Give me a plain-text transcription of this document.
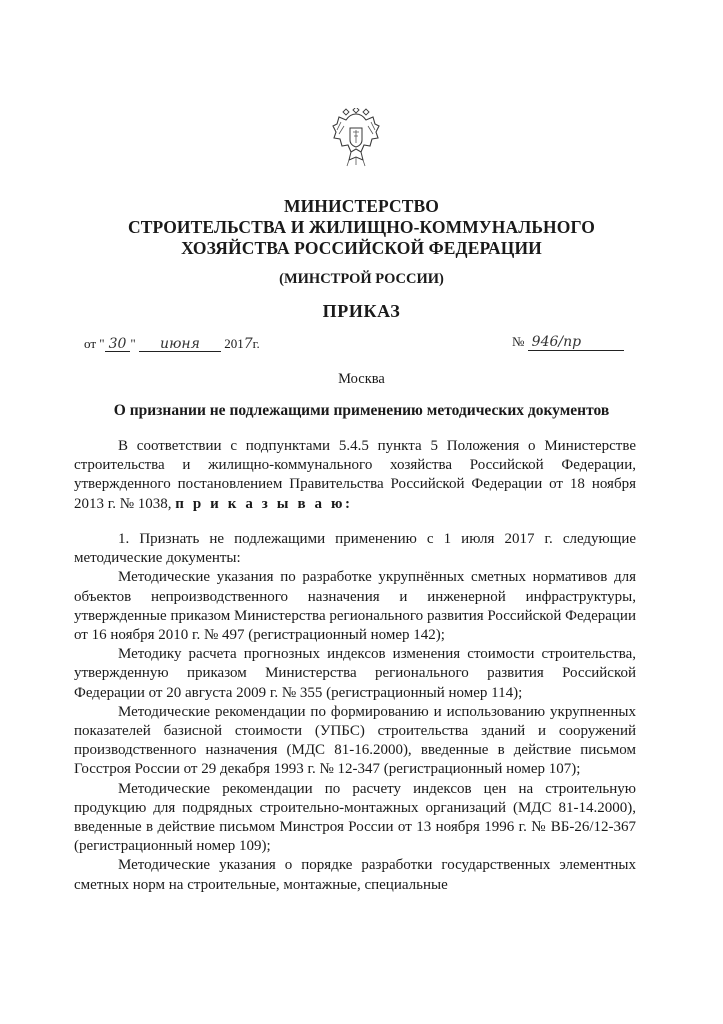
МИНИСТЕРСТВО
СТРОИТЕЛЬСТВА И ЖИЛИЩНО-КОММУНАЛЬНОГО
ХОЗЯЙСТВА РОССИЙСКОЙ ФЕДЕРАЦИИ
(МИНСТРОЙ РОССИИ)
ПРИКАЗ
от " 30 " июня 2017г.	№ 946/пр
Москва
О признании не подлежащими применению методических документов

В соответствии с подпунктами 5.4.5 пункта 5 Положения о Министерстве строительства и жилищно-коммунального хозяйства Российской Федерации, утвержденного постановлением Правительства Российской Федерации от 18 ноября 2013 г. № 1038, п р и к а з ы в а ю:

1. Признать не подлежащими применению с 1 июля 2017 г. следующие методические документы:

Методические указания по разработке укрупнённых сметных нормативов для объектов непроизводственного назначения и инженерной инфраструктуры, утвержденные приказом Министерства регионального развития Российской Федерации от 16 ноября 2010 г. № 497 (регистрационный номер 142);

Методику расчета прогнозных индексов изменения стоимости строительства, утвержденную приказом Министерства регионального развития Российской Федерации от 20 августа 2009 г. № 355 (регистрационный номер 114);

Методические рекомендации по формированию и использованию укрупненных показателей базисной стоимости (УПБС) строительства зданий и сооружений производственного назначения (МДС 81-16.2000), введенные в действие письмом Госстроя России от 29 декабря 1993 г. № 12-347 (регистрационный номер 107);

Методические рекомендации по расчету индексов цен на строительную продукцию для подрядных строительно-монтажных организаций (МДС 81-14.2000), введенные в действие письмом Минстроя России от 13 ноября 1996 г. № ВБ-26/12-367 (регистрационный номер 109);

Методические указания о порядке разработки государственных элементных сметных норм на строительные, монтажные, специальные
